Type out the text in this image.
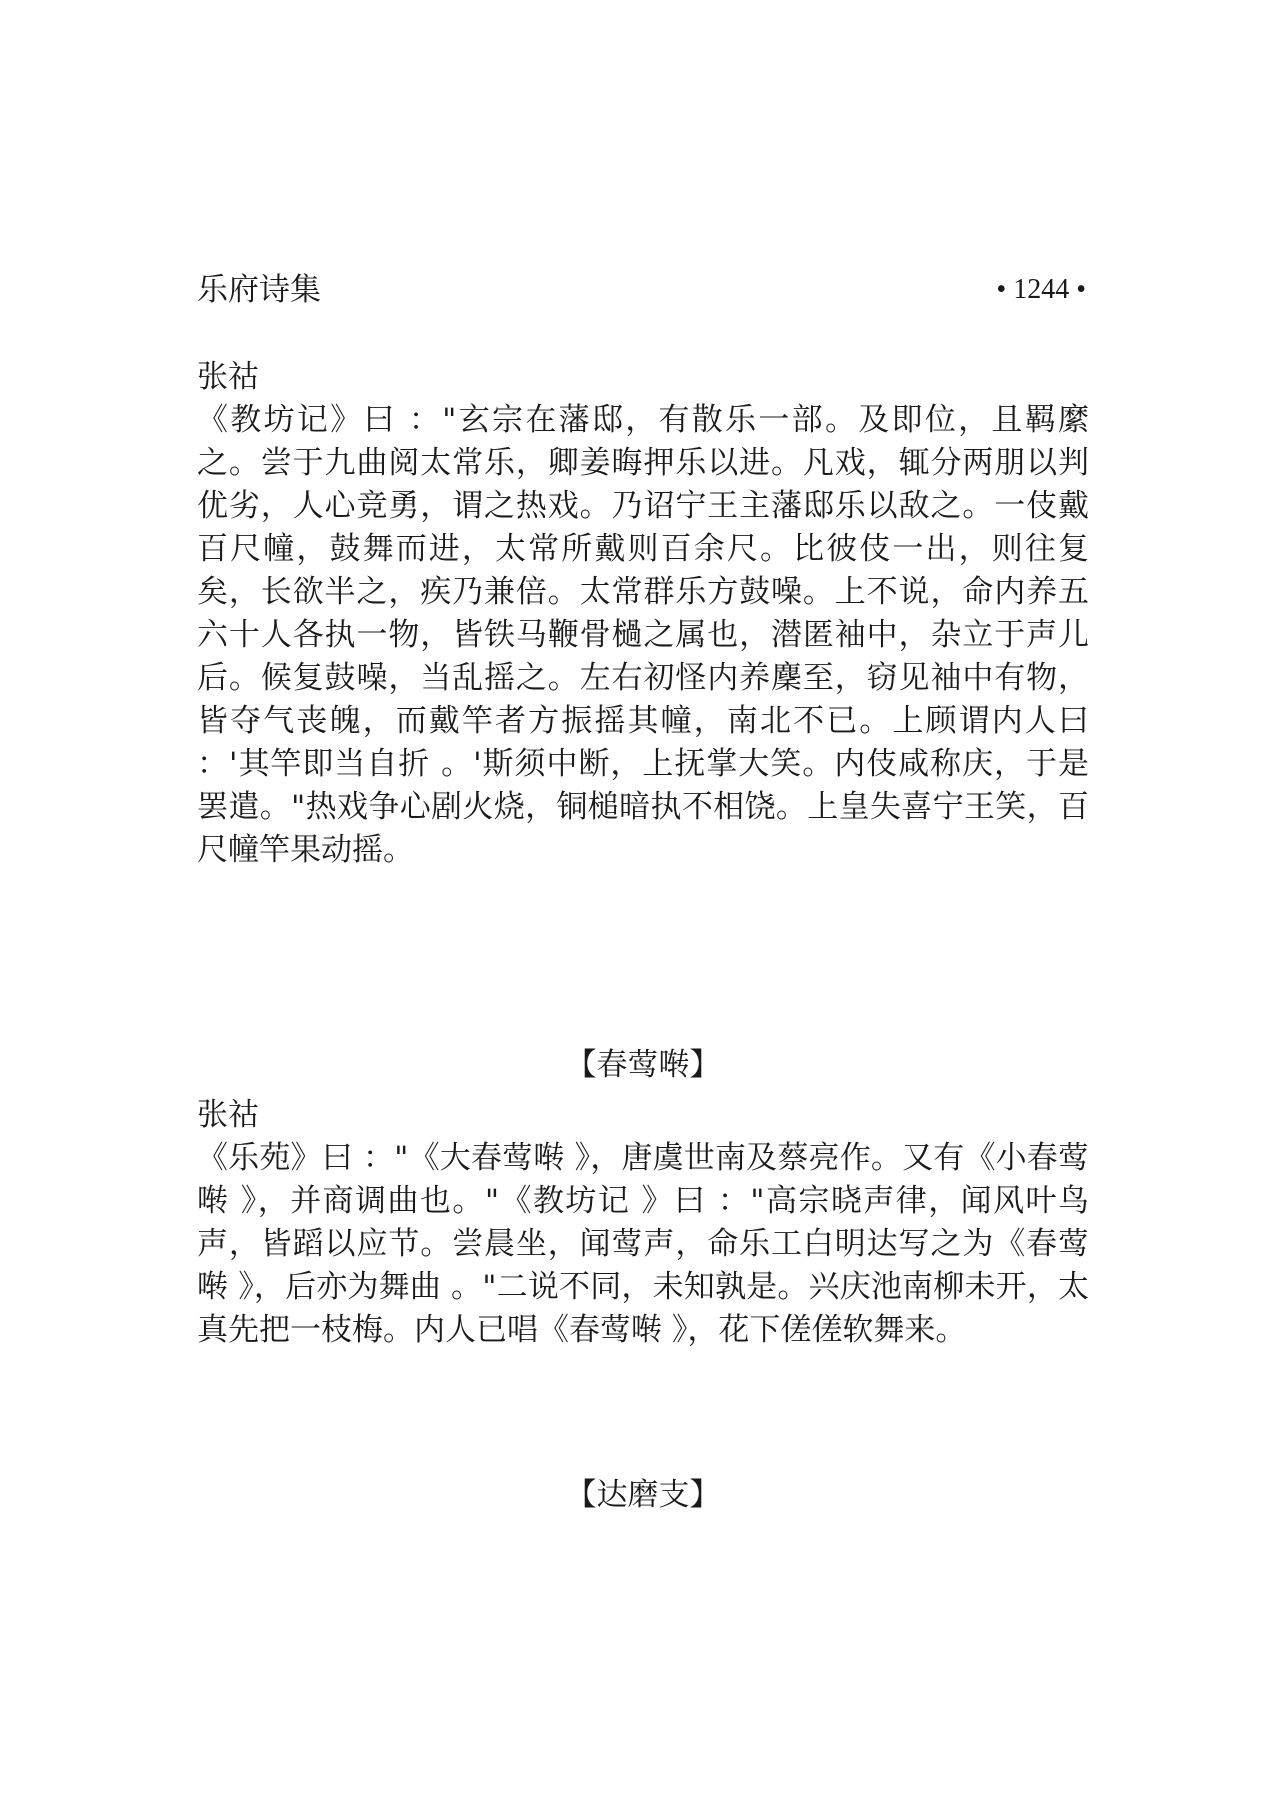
乐府诗集	• 1244 •

张祜

《教坊记》曰 ："玄宗在藩邸，有散乐一部。及即位，且羁縻之。尝于九曲阅太常乐，卿姜晦押乐以进。凡戏，辄分两朋以判优劣，人心竞勇，谓之热戏。乃诏宁王主藩邸乐以敌之。一伎戴百尺幢，鼓舞而进，太常所戴则百余尺。比彼伎一出，则往复矣，长欲半之，疾乃兼倍。太常群乐方鼓噪。上不说，命内养五六十人各执一物，皆铁马鞭骨檛之属也，潜匿袖中，杂立于声儿后。候复鼓噪，当乱摇之。左右初怪内养麇至，窃见袖中有物，皆夺气丧魄，而戴竿者方振摇其幢，南北不已。上顾谓内人曰 ：'其竿即当自折 。'斯须中断，上抚掌大笑。内伎咸称庆，于是罢遣。"热戏争心剧火烧，铜槌暗执不相饶。上皇失喜宁王笑，百尺幢竿果动摇。

【春莺啭】

张祜

《乐苑》曰 ："《大春莺啭 》，唐虞世南及蔡亮作。又有《小春莺啭 》，并商调曲也。"《教坊记 》曰 ："高宗晓声律，闻风叶鸟声，皆蹈以应节。尝晨坐，闻莺声，命乐工白明达写之为《春莺啭 》，后亦为舞曲 。"二说不同，未知孰是。兴庆池南柳未开，太真先把一枝梅。内人已唱《春莺啭 》，花下傞傞软舞来。

【达磨支】
